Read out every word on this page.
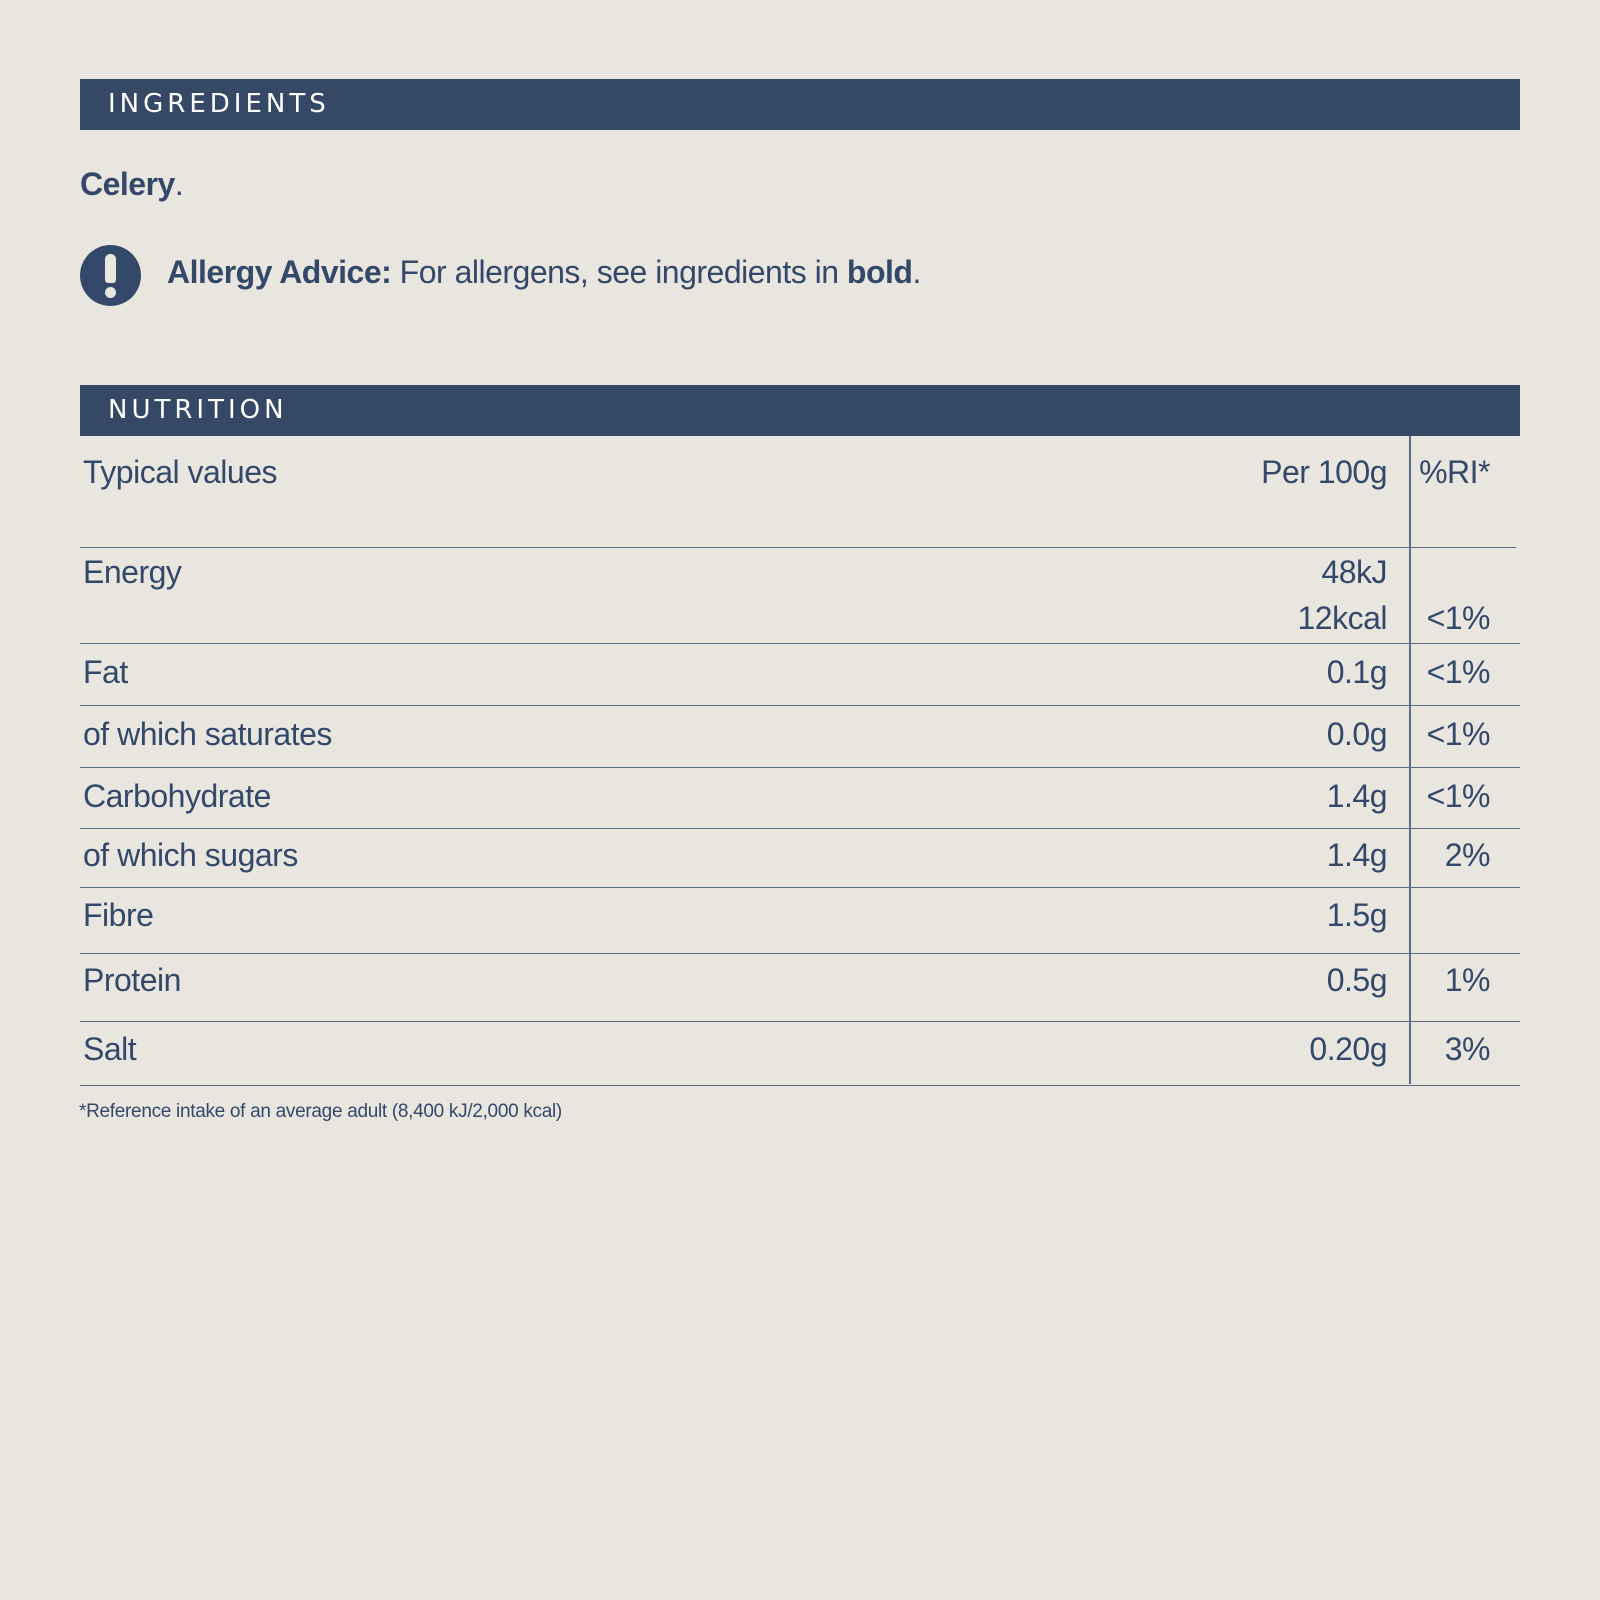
INGREDIENTS
Celery.
Allergy Advice: For allergens, see ingredients in bold.
NUTRITION
Typical values	Per 100g %RI*
Energy	48kJ
12kcal <1%
Fat	0.1g <1%
of which saturates	0.0g <1%
Carbohydrate	1.4g <1%
of which sugars	1.4g 2%
Fibre	1.5g
Protein	0.5g 1%
Salt	0.20g 3%
*Reference intake of an average adult (8,400 kJ/2,000 kcal)
